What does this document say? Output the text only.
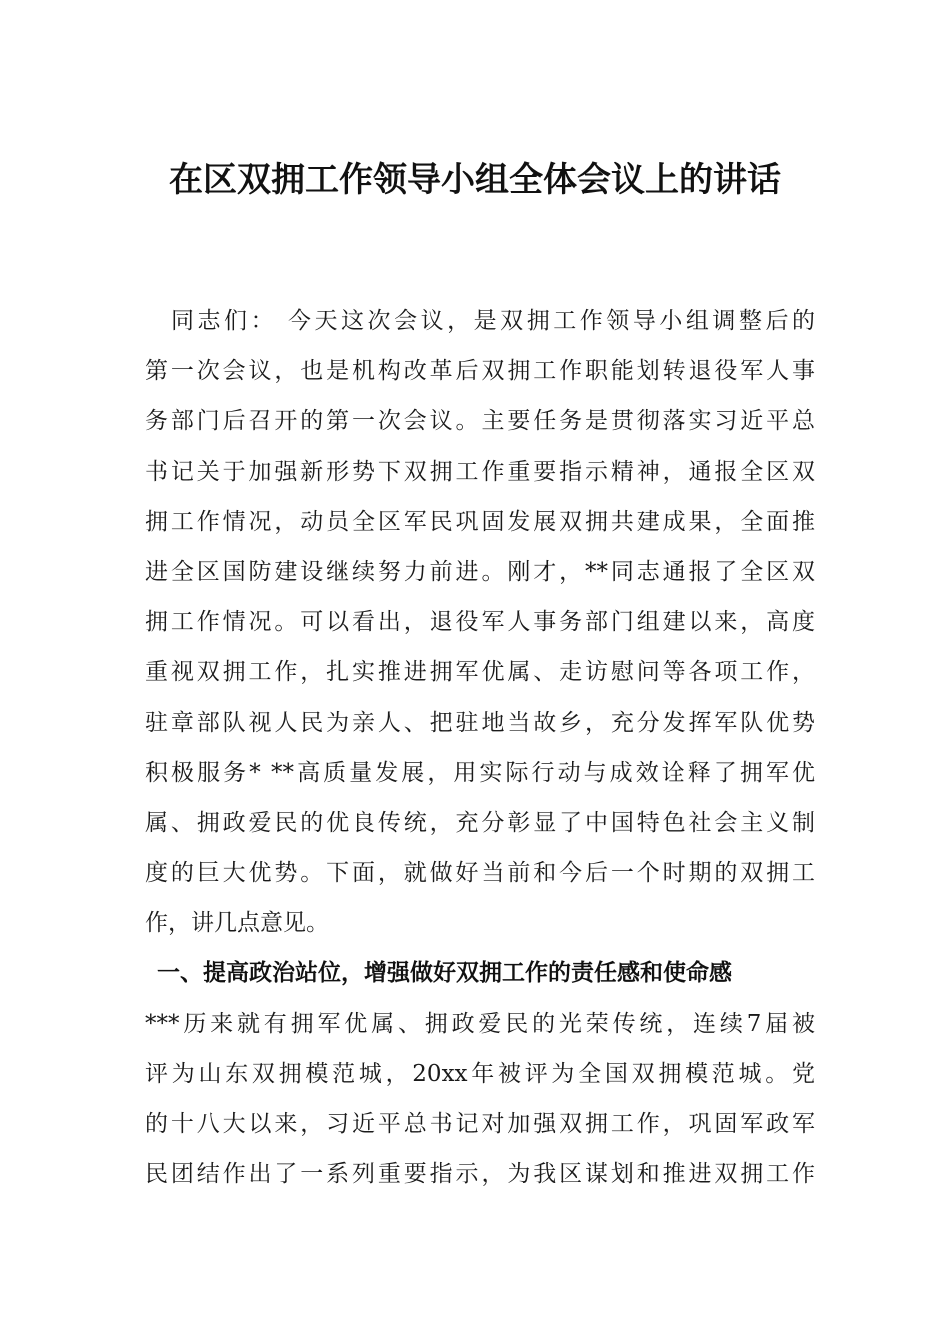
在区双拥工作领导小组全体会议上的讲话
同志们： 今天这次会议，是双拥工作领导小组调整后的
第一次会议，也是机构改革后双拥工作职能划转退役军人事
务部门后召开的第一次会议。主要任务是贯彻落实习近平总
书记关于加强新形势下双拥工作重要指示精神，通报全区双
拥工作情况，动员全区军民巩固发展双拥共建成果，全面推
进全区国防建设继续努力前进。刚才，**同志通报了全区双
拥工作情况。可以看出，退役军人事务部门组建以来，高度
重视双拥工作，扎实推进拥军优属、走访慰问等各项工作，
驻章部队视人民为亲人、把驻地当故乡，充分发挥军队优势
积极服务* **高质量发展，用实际行动与成效诠释了拥军优
属、拥政爱民的优良传统，充分彰显了中国特色社会主义制
度的巨大优势。下面，就做好当前和今后一个时期的双拥工
作，讲几点意见。
一、提高政治站位，增强做好双拥工作的责任感和使命感
***历来就有拥军优属、拥政爱民的光荣传统，连续7届被
评为山东双拥模范城，20xx年被评为全国双拥模范城。党
的十八大以来，习近平总书记对加强双拥工作，巩固军政军
民团结作出了一系列重要指示，为我区谋划和推进双拥工作
